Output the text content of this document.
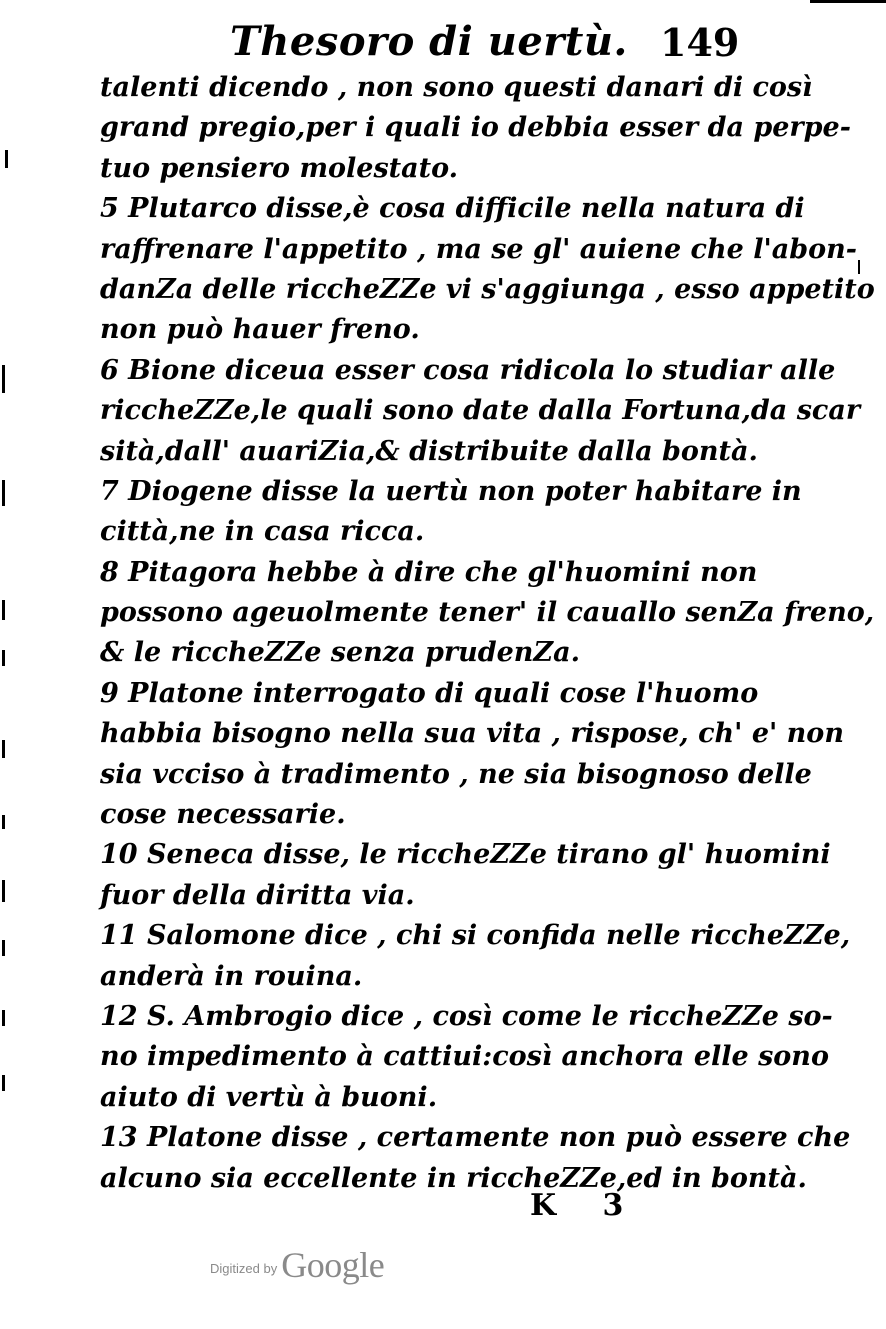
Thesoro di uertù. 149
talenti dicendo , non sono questi danari di così
grand pregio,per i quali io debbia esser da perpe-
tuo pensiero molestato.
5 Plutarco disse,è cosa difficile nella natura di
raffrenare l'appetito , ma se gl' auiene che l'abon-
danZa delle riccheZZe vi s'aggiunga , esso appetito
non può hauer freno.
6 Bione diceua esser cosa ridicola lo studiar alle
riccheZZe,le quali sono date dalla Fortuna,da scar
sità,dall' auariZia,& distribuite dalla bontà.
7 Diogene disse la uertù non poter habitare in
città,ne in casa ricca.
8 Pitagora hebbe à dire che gl'huomini non
possono ageuolmente tener' il cauallo senZa freno,
& le riccheZZe senza prudenZa.
9 Platone interrogato di quali cose l'huomo
habbia bisogno nella sua vita , rispose, ch' e' non
sia vcciso à tradimento , ne sia bisognoso delle
cose necessarie.
10 Seneca disse, le riccheZZe tirano gl' huomini
fuor della diritta via.
11 Salomone dice , chi si confida nelle riccheZZe,
anderà in rouina.
12 S. Ambrogio dice , così come le riccheZZe so-
no impedimento à cattiui:così anchora elle sono
aiuto di vertù à buoni.
13 Platone disse , certamente non può essere che
alcuno sia eccellente in riccheZZe,ed in bontà.
K 3
$^{Digitized by}$ Google
